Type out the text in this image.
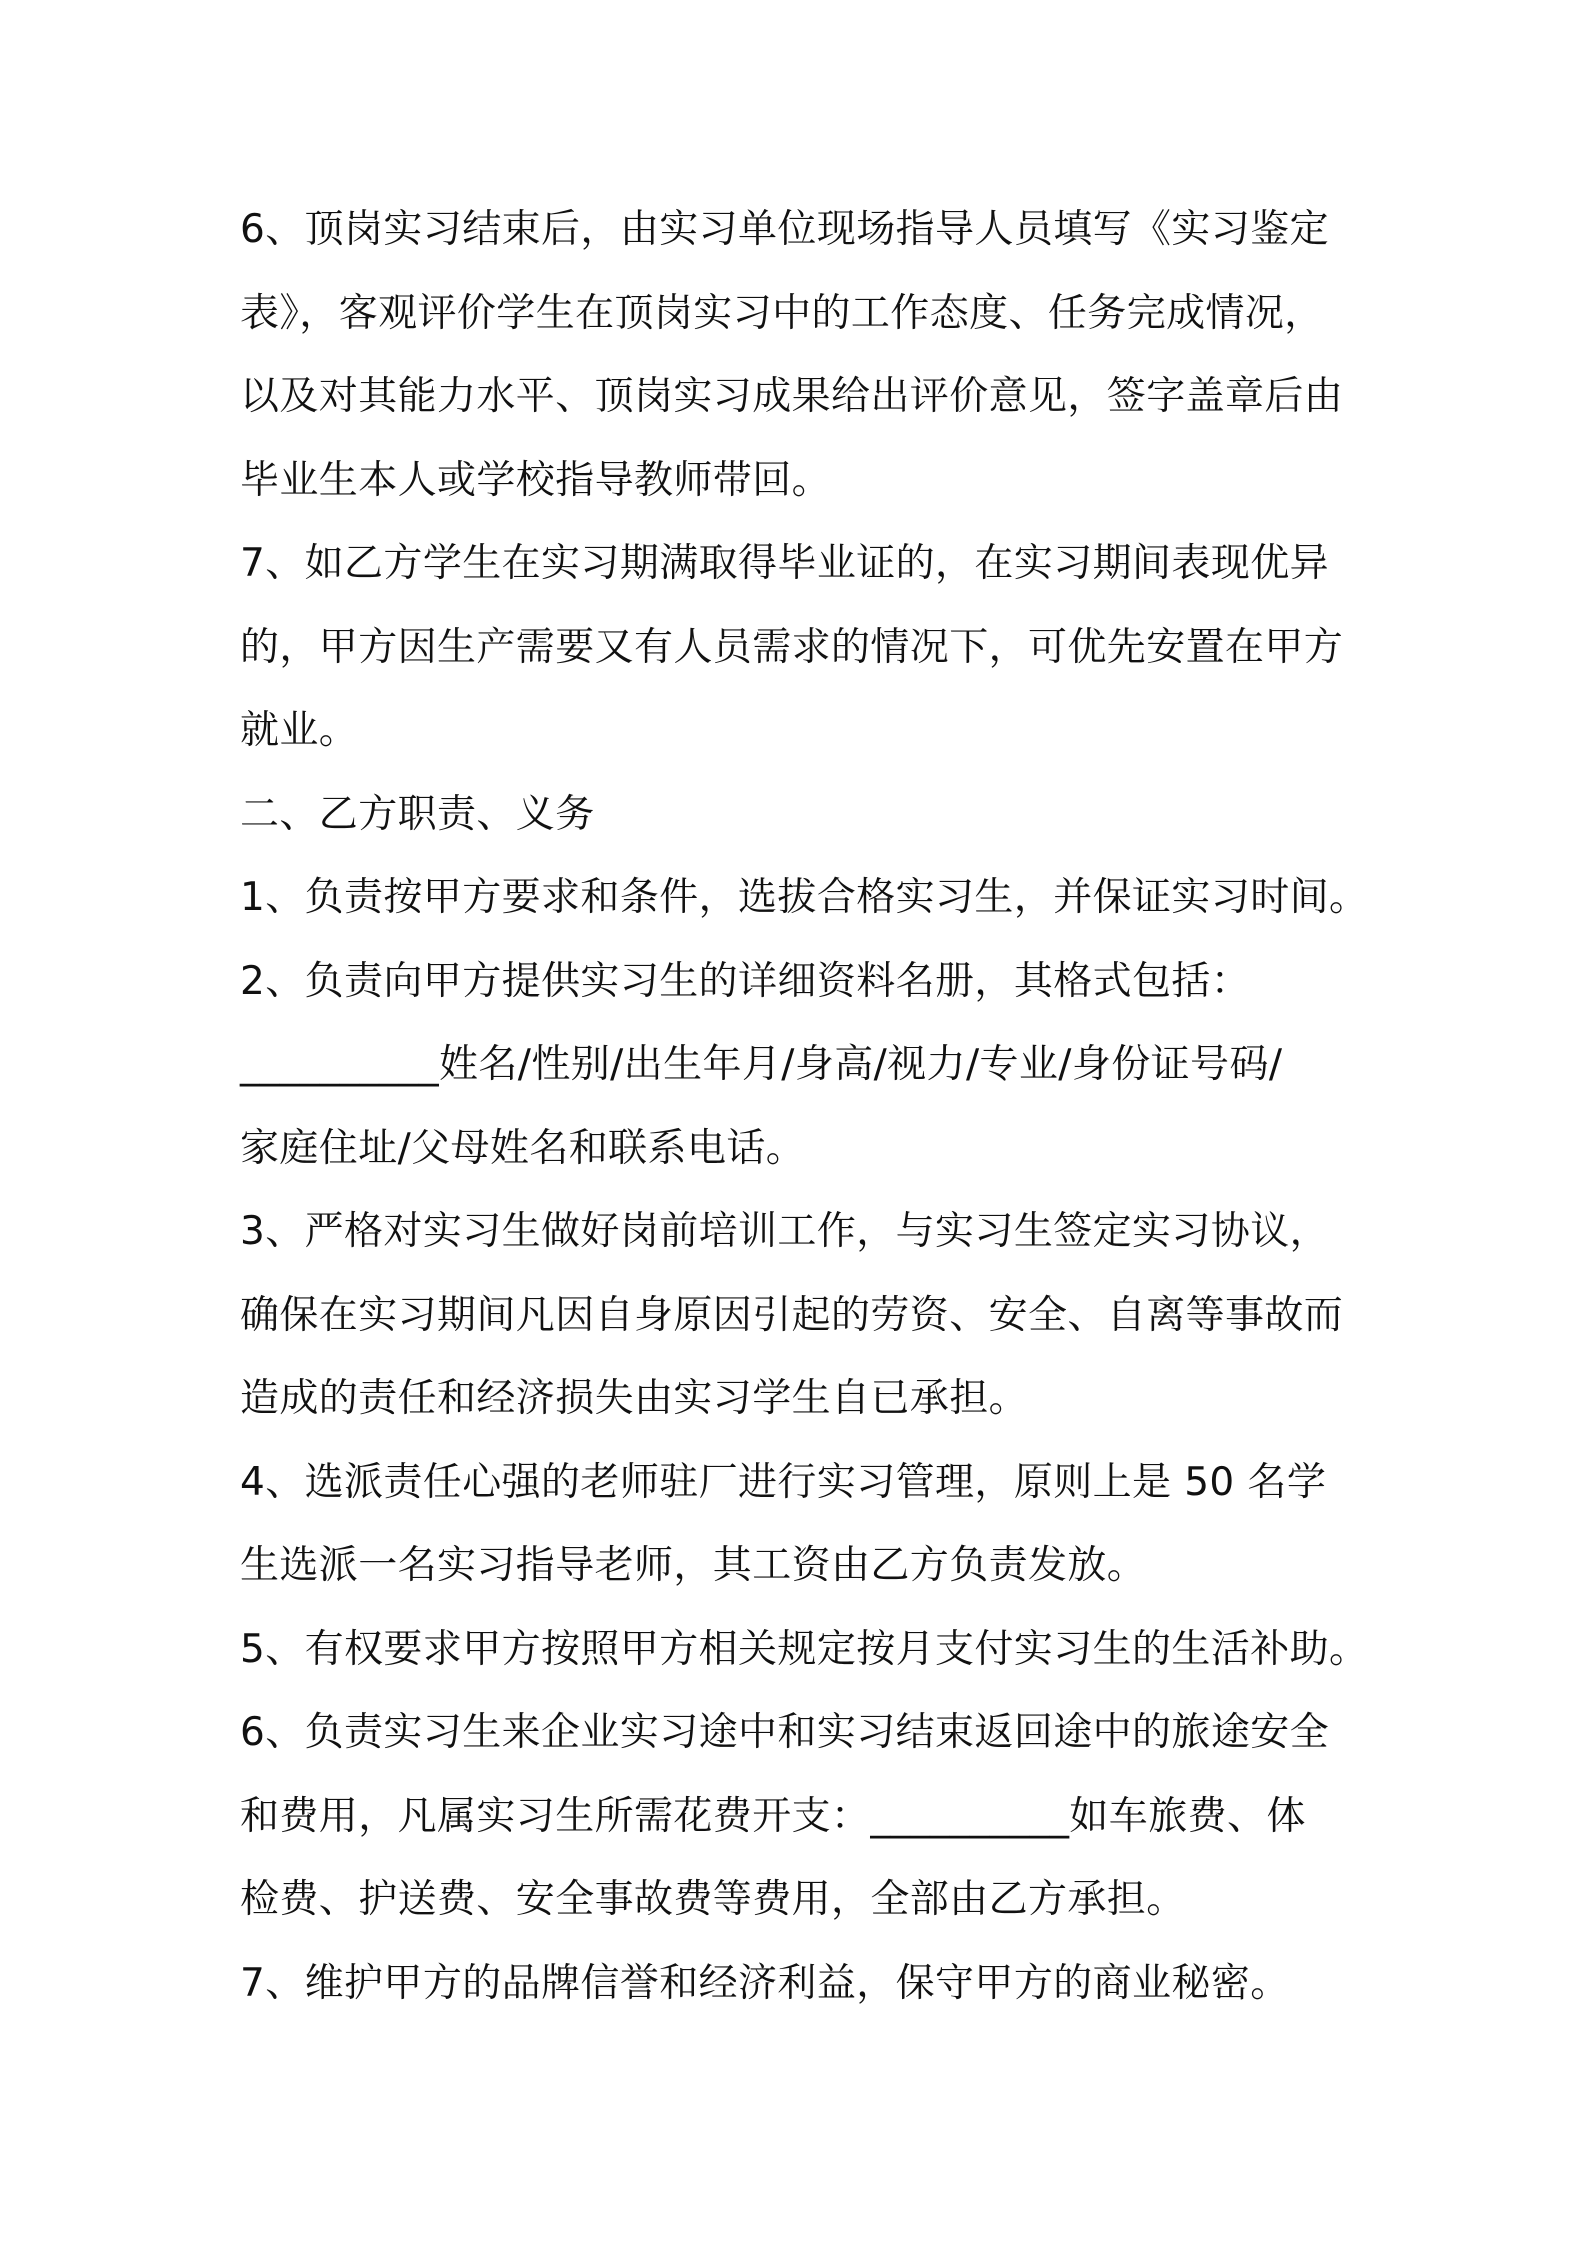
6、顶岗实习结束后，由实习单位现场指导人员填写《实习鉴定
表》，客观评价学生在顶岗实习中的工作态度、任务完成情况，
以及对其能力水平、顶岗实习成果给出评价意见，签字盖章后由
毕业生本人或学校指导教师带回。
7、如乙方学生在实习期满取得毕业证的，在实习期间表现优异
的，甲方因生产需要又有人员需求的情况下，可优先安置在甲方
就业。
二、乙方职责、义务
1、负责按甲方要求和条件，选拔合格实习生，并保证实习时间。
2、负责向甲方提供实习生的详细资料名册，其格式包括：
__________姓名/性别/出生年月/身高/视力/专业/身份证号码/
家庭住址/父母姓名和联系电话。
3、严格对实习生做好岗前培训工作，与实习生签定实习协议，
确保在实习期间凡因自身原因引起的劳资、安全、自离等事故而
造成的责任和经济损失由实习学生自已承担。
4、选派责任心强的老师驻厂进行实习管理，原则上是 50 名学
生选派一名实习指导老师，其工资由乙方负责发放。
5、有权要求甲方按照甲方相关规定按月支付实习生的生活补助。
6、负责实习生来企业实习途中和实习结束返回途中的旅途安全
和费用，凡属实习生所需花费开支：__________如车旅费、体
检费、护送费、安全事故费等费用，全部由乙方承担。
7、维护甲方的品牌信誉和经济利益，保守甲方的商业秘密。
